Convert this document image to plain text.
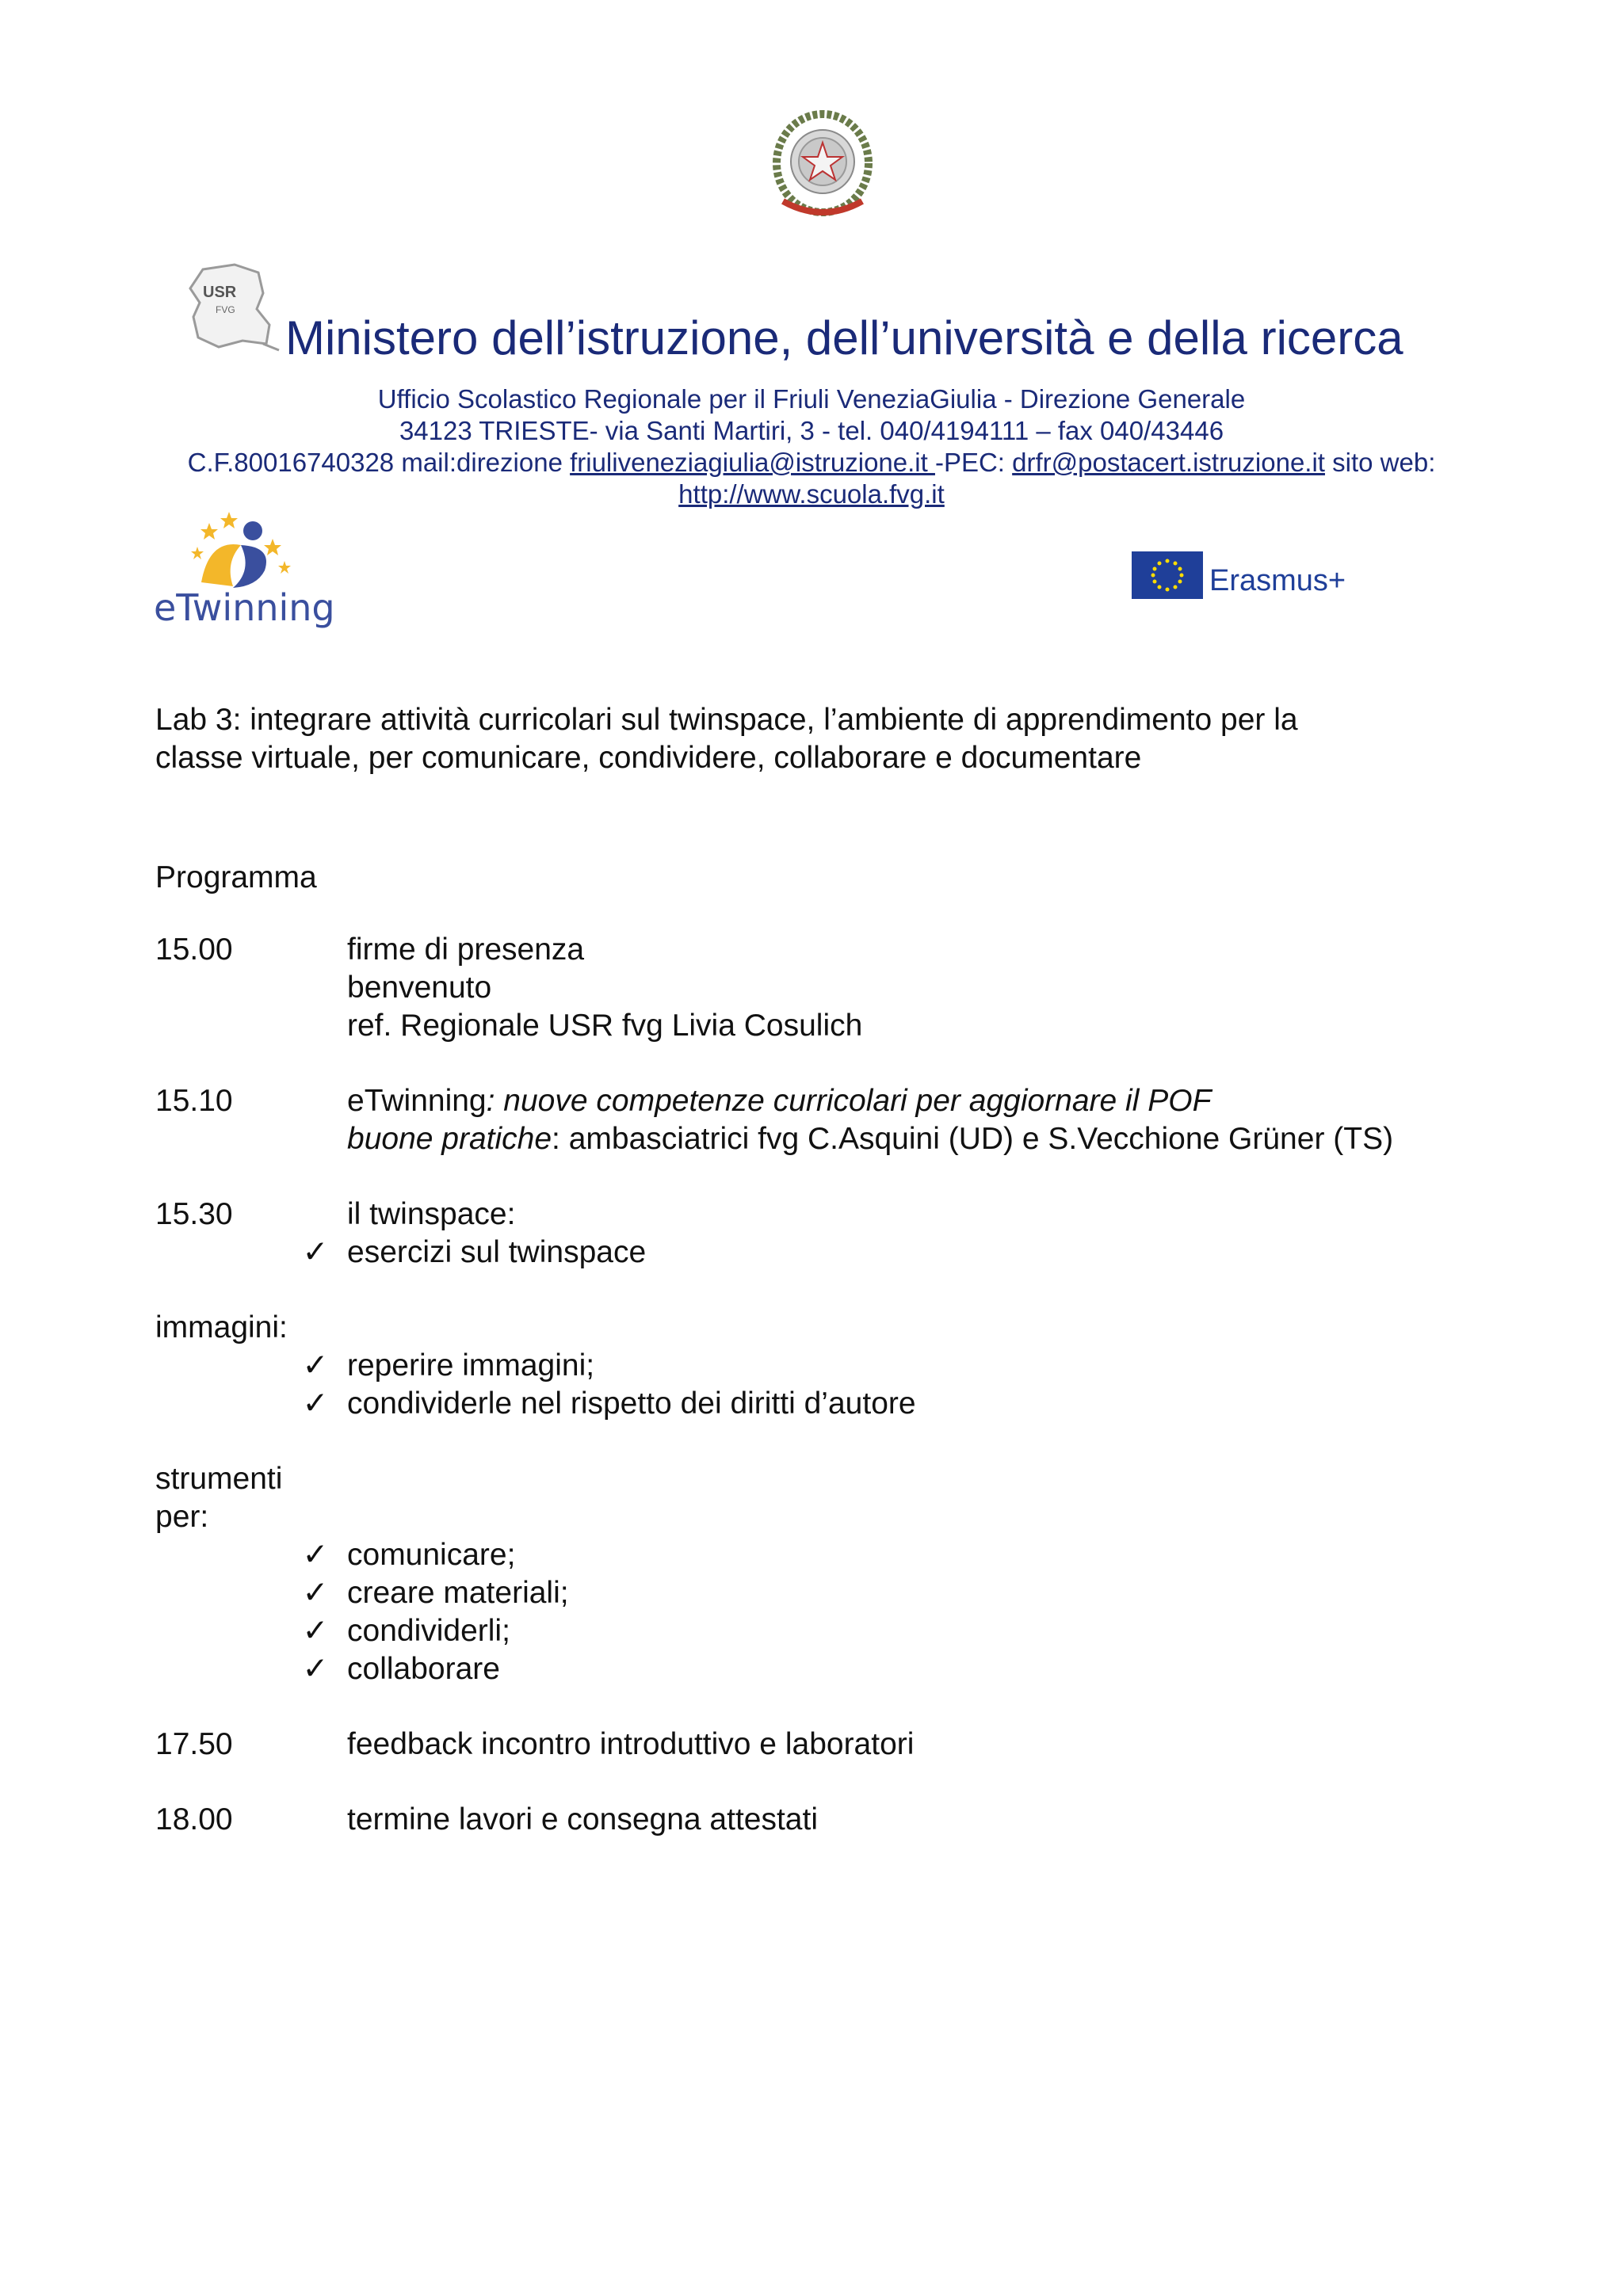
USR
FVG
Ministero dell’istruzione, dell’università e della ricerca
Ufficio Scolastico Regionale per il Friuli VeneziaGiulia - Direzione Generale
34123 TRIESTE- via Santi Martiri, 3 - tel. 040/4194111 – fax 040/43446
C.F.80016740328 mail:direzione friuliveneziagiulia@istruzione.it -PEC: drfr@postacert.istruzione.it sito web:
http://www.scuola.fvg.it
eTwinning
Erasmus+
Lab 3: integrare attività curricolari sul twinspace, l’ambiente di apprendimento per la
classe virtuale, per comunicare, condividere, collaborare e documentare
Programma
15.00	firme di presenza
benvenuto
ref. Regionale USR fvg Livia Cosulich
15.10	eTwinning: nuove competenze curricolari per aggiornare il POF
buone pratiche: ambasciatrici fvg C.Asquini (UD) e S.Vecchione Grüner (TS)
15.30	il twinspace:
✓ esercizi sul twinspace
immagini:
✓ reperire immagini;
✓ condividerle nel rispetto dei diritti d’autore
strumenti
per:
✓ comunicare;
✓ creare materiali;
✓ condividerli;
✓ collaborare
17.50	feedback incontro introduttivo e laboratori
18.00	termine lavori e consegna attestati
